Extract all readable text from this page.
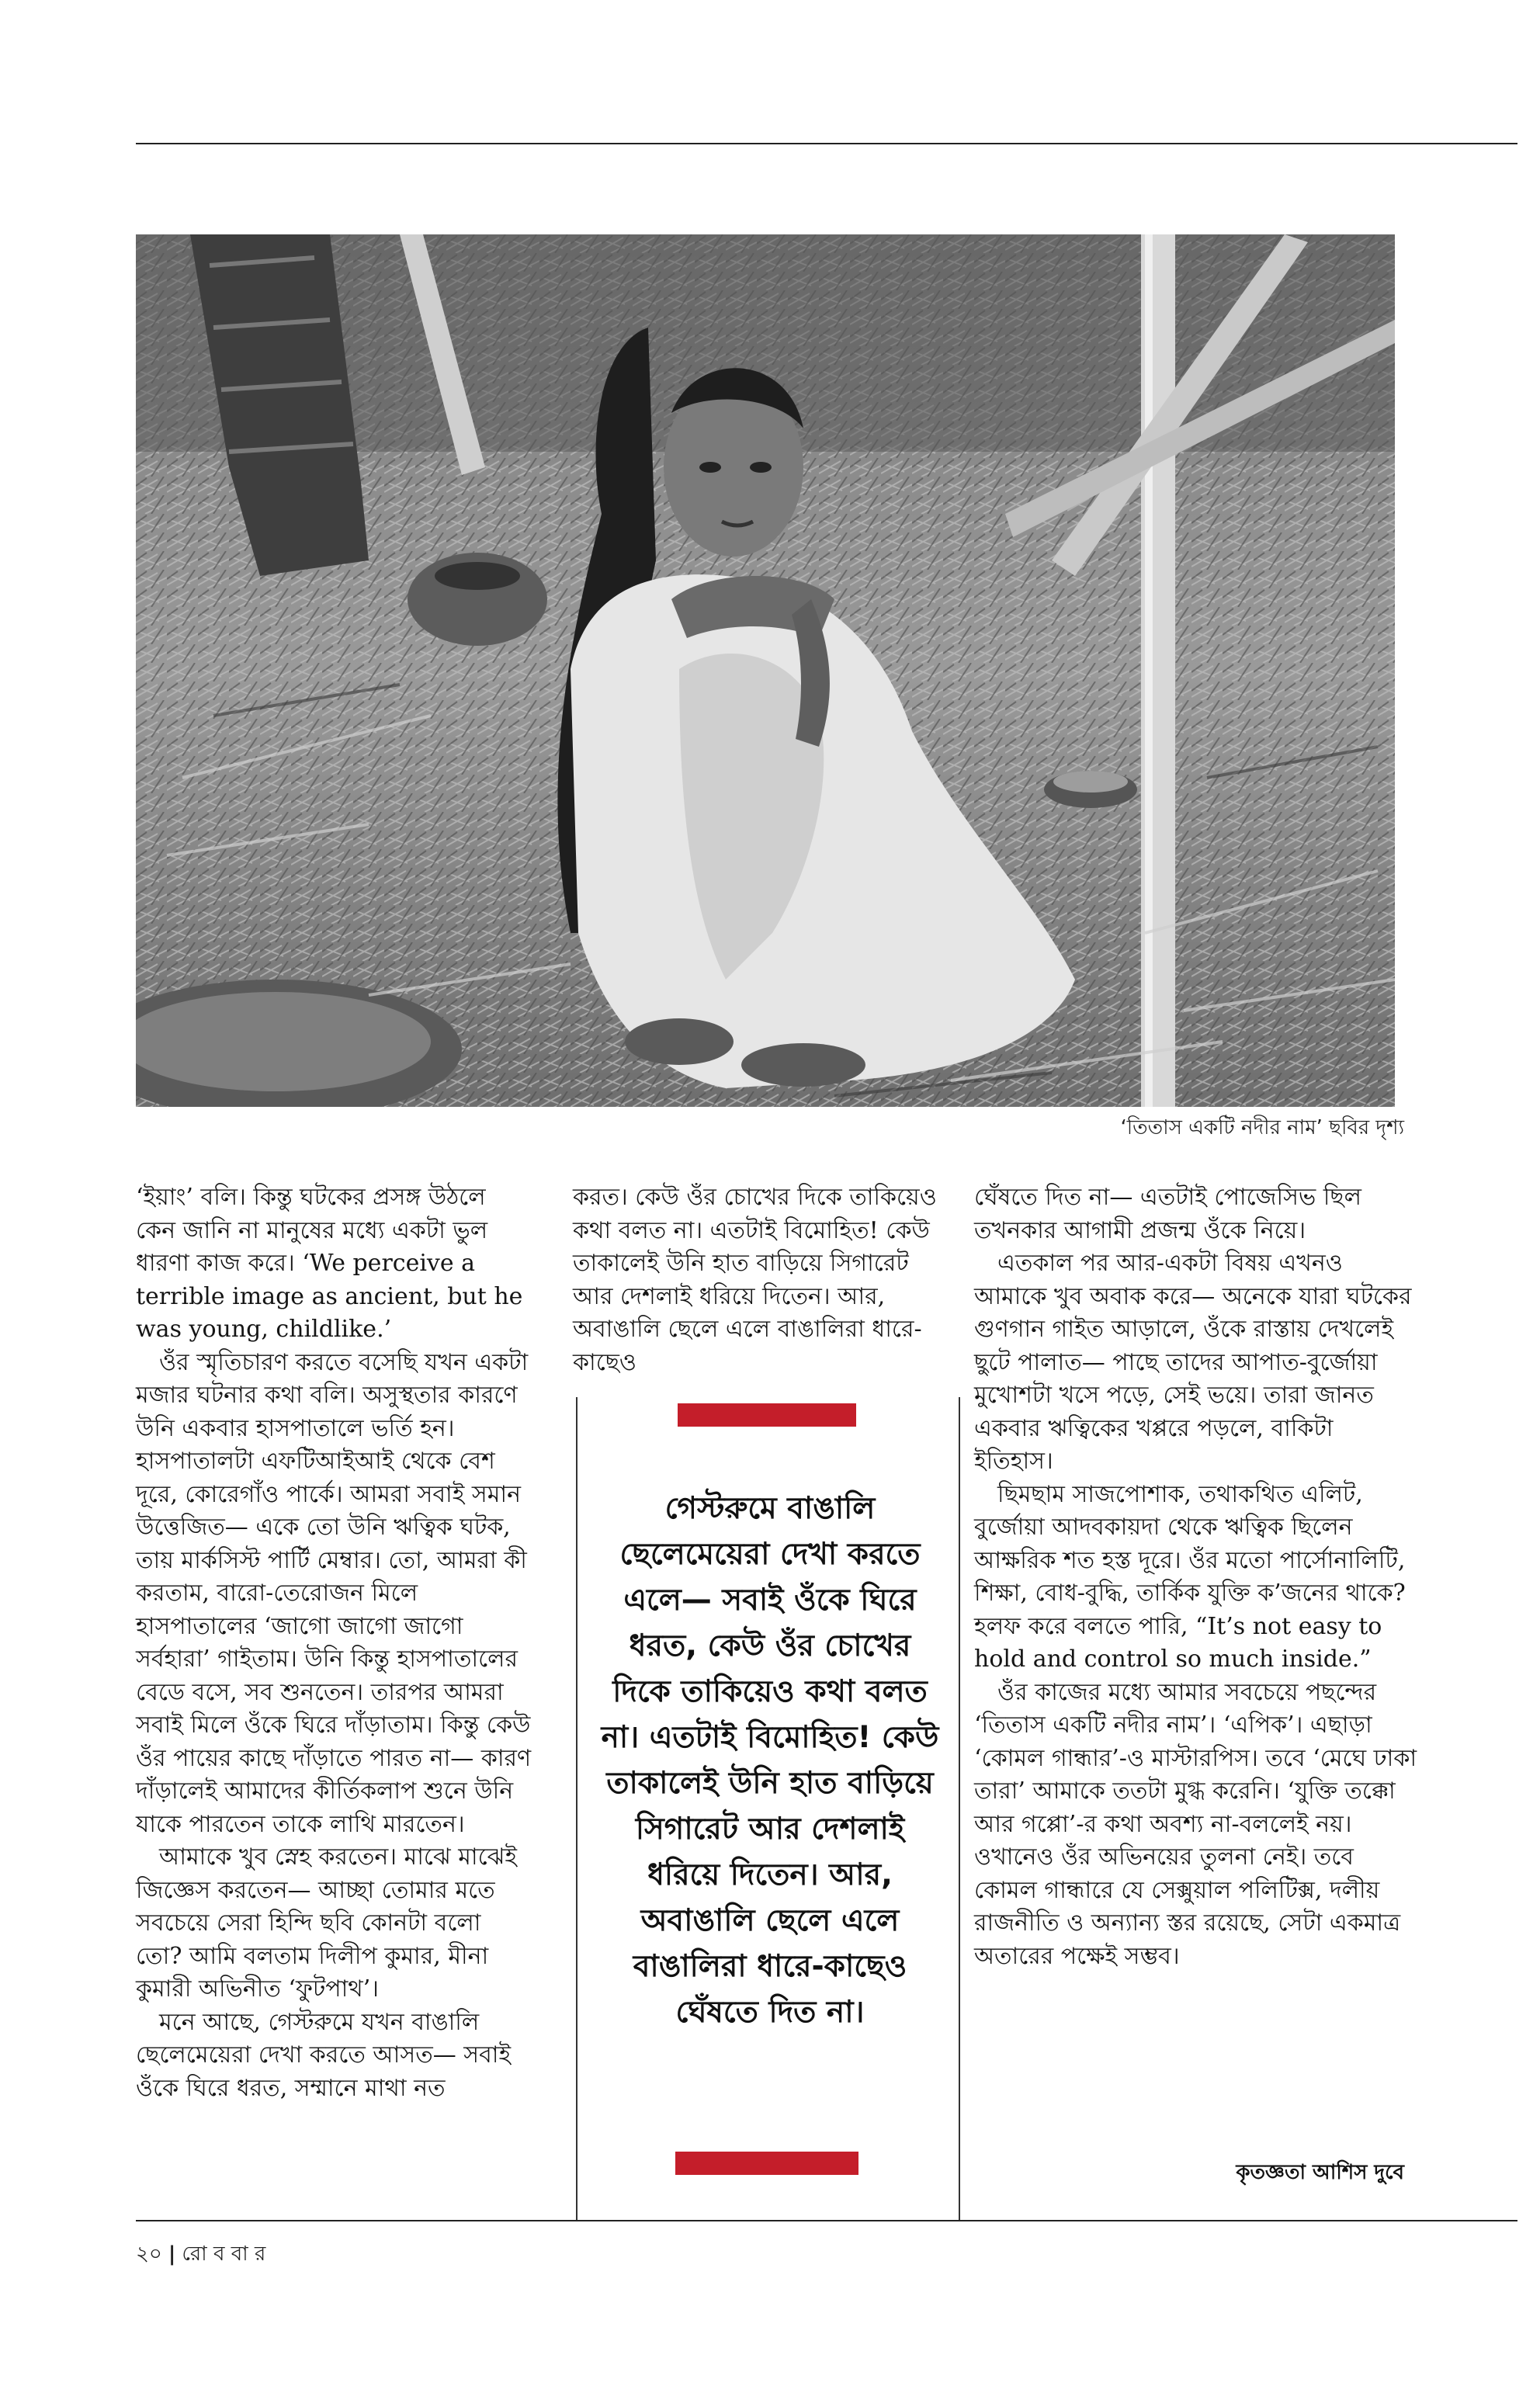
‘তিতাস একটি নদীর নাম’ ছবির দৃশ্য

‘ইয়াং’ বলি। কিন্তু ঘটকের প্রসঙ্গ উঠলে কেন জানি না মানুষের মধ্যে একটা ভুল ধারণা কাজ করে। ‘We perceive a terrible image as ancient, but he was young, childlike.’

ওঁর স্মৃতিচারণ করতে বসেছি যখন একটা মজার ঘটনার কথা বলি। অসুস্থতার কারণে উনি একবার হাসপাতালে ভর্তি হন। হাসপাতালটা এফটিআইআই থেকে বেশ দূরে, কোরেগাঁও পার্কে। আমরা সবাই সমান উত্তেজিত— একে তো উনি ঋত্বিক ঘটক, তায় মার্কসিস্ট পার্টি মেম্বার। তো, আমরা কী করতাম, বারো-তেরোজন মিলে হাসপাতালের ‘জাগো জাগো জাগো সর্বহারা’ গাইতাম। উনি কিন্তু হাসপাতালের বেডে বসে, সব শুনতেন। তারপর আমরা সবাই মিলে ওঁকে ঘিরে দাঁড়াতাম। কিন্তু কেউ ওঁর পায়ের কাছে দাঁড়াতে পারত না— কারণ দাঁড়ালেই আমাদের কীর্তিকলাপ শুনে উনি যাকে পারতেন তাকে লাথি মারতেন।

আমাকে খুব স্নেহ করতেন। মাঝে মাঝেই জিজ্ঞেস করতেন— আচ্ছা তোমার মতে সবচেয়ে সেরা হিন্দি ছবি কোনটা বলো তো? আমি বলতাম দিলীপ কুমার, মীনা কুমারী অভিনীত ‘ফুটপাথ’।

মনে আছে, গেস্টরুমে যখন বাঙালি ছেলেমেয়েরা দেখা করতে আসত— সবাই ওঁকে ঘিরে ধরত, সম্মানে মাথা নত

করত। কেউ ওঁর চোখের দিকে তাকিয়েও কথা বলত না। এতটাই বিমোহিত! কেউ তাকালেই উনি হাত বাড়িয়ে সিগারেট আর দেশলাই ধরিয়ে দিতেন। আর, অবাঙালি ছেলে এলে বাঙালিরা ধারে-কাছেও

গেস্টরুমে বাঙালি ছেলেমেয়েরা দেখা করতে এলে— সবাই ওঁকে ঘিরে ধরত, কেউ ওঁর চোখের দিকে তাকিয়েও কথা বলত না। এতটাই বিমোহিত! কেউ তাকালেই উনি হাত বাড়িয়ে সিগারেট আর দেশলাই ধরিয়ে দিতেন। আর, অবাঙালি ছেলে এলে বাঙালিরা ধারে-কাছেও ঘেঁষতে দিত না।

ঘেঁষতে দিত না— এতটাই পোজেসিভ ছিল তখনকার আগামী প্রজন্ম ওঁকে নিয়ে।

এতকাল পর আর-একটা বিষয় এখনও আমাকে খুব অবাক করে— অনেকে যারা ঘটকের গুণগান গাইত আড়ালে, ওঁকে রাস্তায় দেখলেই ছুটে পালাত— পাছে তাদের আপাত-বুর্জোয়া মুখোশটা খসে পড়ে, সেই ভয়ে। তারা জানত একবার ঋত্বিকের খপ্পরে পড়লে, বাকিটা ইতিহাস।

ছিমছাম সাজপোশাক, তথাকথিত এলিট, বুর্জোয়া আদবকায়দা থেকে ঋত্বিক ছিলেন আক্ষরিক শত হস্ত দূরে। ওঁর মতো পার্সোনালিটি, শিক্ষা, বোধ-বুদ্ধি, তার্কিক যুক্তি ক’জনের থাকে? হলফ করে বলতে পারি, “It’s not easy to hold and control so much inside.”

ওঁর কাজের মধ্যে আমার সবচেয়ে পছন্দের ‘তিতাস একটি নদীর নাম’। ‘এপিক’। এছাড়া ‘কোমল গান্ধার’-ও মাস্টারপিস। তবে ‘মেঘে ঢাকা তারা’ আমাকে ততটা মুগ্ধ করেনি। ‘যুক্তি তক্কো আর গপ্পো’-র কথা অবশ্য না-বললেই নয়। ওখানেও ওঁর অভিনয়ের তুলনা নেই। তবে কোমল গান্ধারে যে সেক্সুয়াল পলিটিক্স, দলীয় রাজনীতি ও অন্যান্য স্তর রয়েছে, সেটা একমাত্র অতারের পক্ষেই সম্ভব।

কৃতজ্ঞতা আশিস দুবে
২০ | রো ব বা র
